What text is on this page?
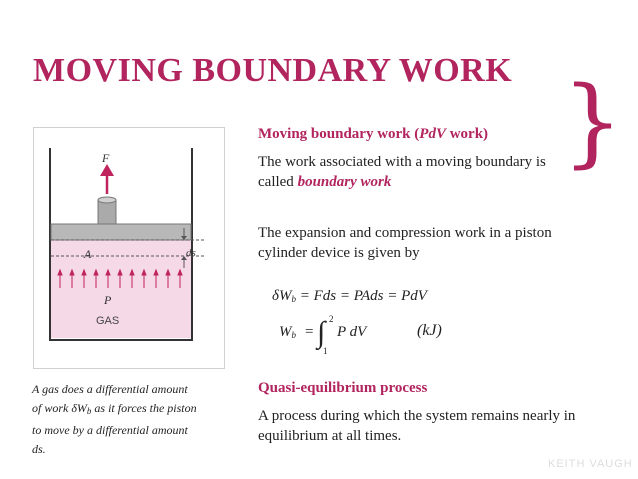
MOVING BOUNDARY WORK }
F
ds
A
P
GAS
A gas does a differential amount
of work $\delta W_b$ as it forces the piston
to move by a differential amount
ds.
Moving boundary work (PdV work)
The work associated with a moving boundary is called boundary work
The expansion and compression work in a piston cylinder device is given by
$\delta W_b$ = Fds = PAds = PdV
$W_b$ = ∫ 2
1
P dV	(kJ)
Quasi-equilibrium process
A process during which the system remains nearly in equilibrium at all times.
KEITH VAUGH
